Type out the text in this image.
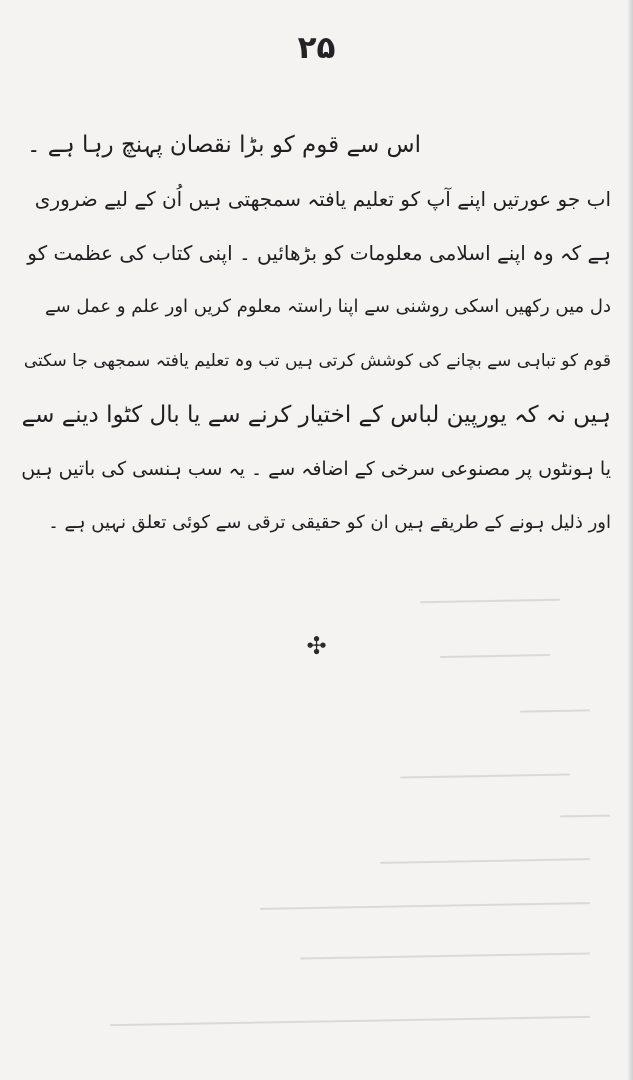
۲۵
اس سے قوم کو بڑا نقصان پہنچ رہا ہے ۔
اب جو عورتیں اپنے آپ کو تعلیم یافتہ سمجھتی ہیں اُن کے لیے ضروری
ہے کہ وہ اپنے اسلامی معلومات کو بڑھائیں ۔ اپنی کتاب کی عظمت کو
دل میں رکھیں اسکی روشنی سے اپنا راستہ معلوم کریں اور علم و عمل سے
قوم کو تباہی سے بچانے کی کوشش کرتی ہیں تب وہ تعلیم یافتہ سمجھی جا سکتی
ہیں نہ کہ یورپین لباس کے اختیار کرنے سے یا بال کٹوا دینے سے
یا ہونٹوں پر مصنوعی سرخی کے اضافہ سے ۔ یہ سب ہنسی کی باتیں ہیں
اور ذلیل ہونے کے طریقے ہیں ان کو حقیقی ترقی سے کوئی تعلق نہیں ہے ۔
✣
